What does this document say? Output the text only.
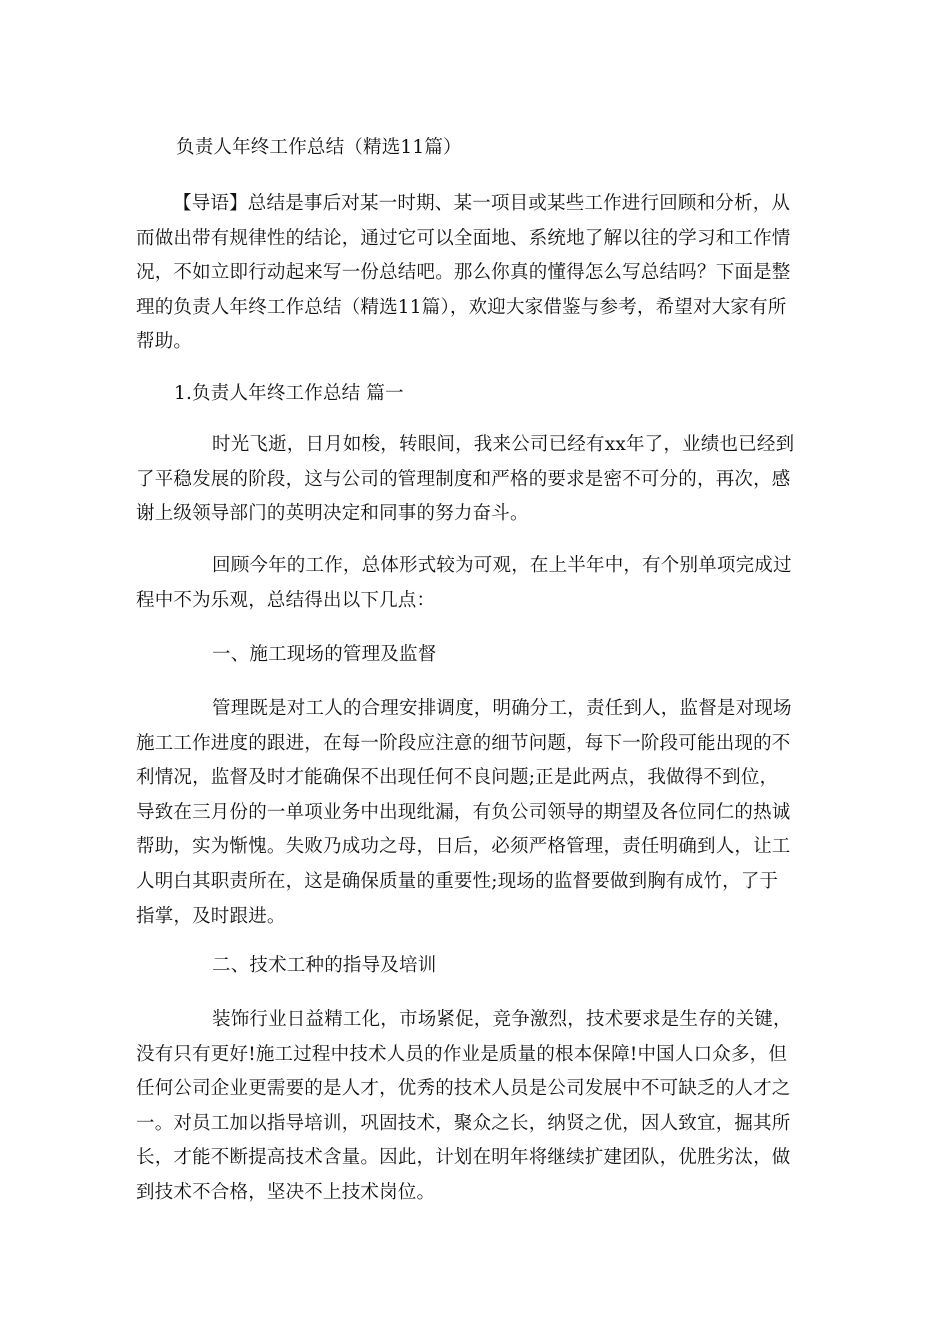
负责人年终工作总结（精选11篇）

【导语】总结是事后对某一时期、某一项目或某些工作进行回顾和分析，从
而做出带有规律性的结论，通过它可以全面地、系统地了解以往的学习和工作情
况，不如立即行动起来写一份总结吧。那么你真的懂得怎么写总结吗？下面是整
理的负责人年终工作总结（精选11篇），欢迎大家借鉴与参考，希望对大家有所
帮助。

1.负责人年终工作总结 篇一

时光飞逝，日月如梭，转眼间，我来公司已经有xx年了，业绩也已经到
了平稳发展的阶段，这与公司的管理制度和严格的要求是密不可分的，再次，感
谢上级领导部门的英明决定和同事的努力奋斗。

回顾今年的工作，总体形式较为可观，在上半年中，有个别单项完成过
程中不为乐观，总结得出以下几点：

一、施工现场的管理及监督

管理既是对工人的合理安排调度，明确分工，责任到人，监督是对现场
施工工作进度的跟进，在每一阶段应注意的细节问题，每下一阶段可能出现的不
利情况，监督及时才能确保不出现任何不良问题;正是此两点，我做得不到位，
导致在三月份的一单项业务中出现纰漏，有负公司领导的期望及各位同仁的热诚
帮助，实为惭愧。失败乃成功之母，日后，必须严格管理，责任明确到人，让工
人明白其职责所在，这是确保质量的重要性;现场的监督要做到胸有成竹，了于
指掌，及时跟进。

二、技术工种的指导及培训

装饰行业日益精工化，市场紧促，竞争激烈，技术要求是生存的关键，
没有只有更好!施工过程中技术人员的作业是质量的根本保障!中国人口众多，但
任何公司企业更需要的是人才，优秀的技术人员是公司发展中不可缺乏的人才之
一。对员工加以指导培训，巩固技术，聚众之长，纳贤之优，因人致宜，掘其所
长，才能不断提高技术含量。因此，计划在明年将继续扩建团队，优胜劣汰，做
到技术不合格，坚决不上技术岗位。
